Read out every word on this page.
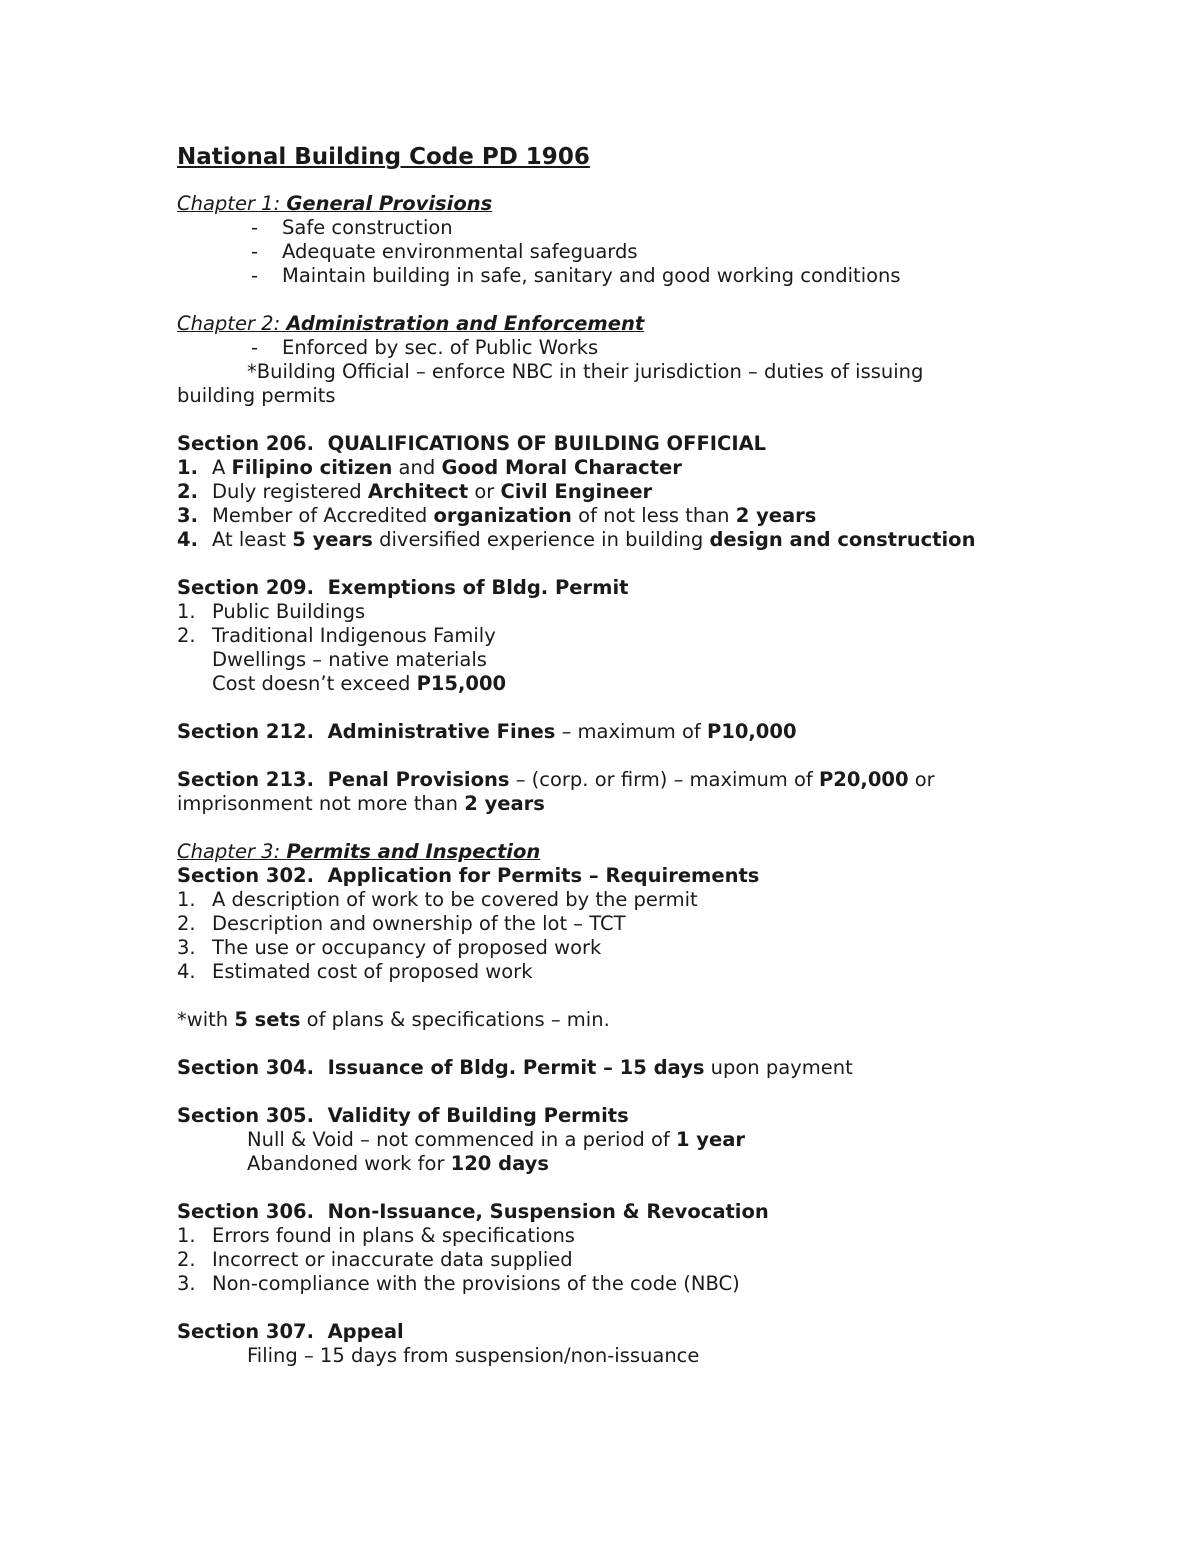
National Building Code PD 1906
Chapter 1: General Provisions
- Safe construction
- Adequate environmental safeguards
- Maintain building in safe, sanitary and good working conditions
Chapter 2: Administration and Enforcement
- Enforced by sec. of Public Works
*Building Official – enforce NBC in their jurisdiction – duties of issuing
building permits
Section 206.  QUALIFICATIONS OF BUILDING OFFICIAL
1. A Filipino citizen and Good Moral Character
2. Duly registered Architect or Civil Engineer
3. Member of Accredited organization of not less than 2 years
4. At least 5 years diversified experience in building design and construction
Section 209.  Exemptions of Bldg. Permit
1. Public Buildings
2. Traditional Indigenous Family
Dwellings – native materials
Cost doesn’t exceed P15,000
Section 212.  Administrative Fines – maximum of P10,000
Section 213.  Penal Provisions – (corp. or firm) – maximum of P20,000 or
imprisonment not more than 2 years
Chapter 3: Permits and Inspection
Section 302.  Application for Permits – Requirements
1. A description of work to be covered by the permit
2. Description and ownership of the lot – TCT
3. The use or occupancy of proposed work
4. Estimated cost of proposed work
*with 5 sets of plans & specifications – min.
Section 304.  Issuance of Bldg. Permit – 15 days upon payment
Section 305.  Validity of Building Permits
Null & Void – not commenced in a period of 1 year
Abandoned work for 120 days
Section 306.  Non-Issuance, Suspension & Revocation
1. Errors found in plans & specifications
2. Incorrect or inaccurate data supplied
3. Non-compliance with the provisions of the code (NBC)
Section 307.  Appeal
Filing – 15 days from suspension/non-issuance
